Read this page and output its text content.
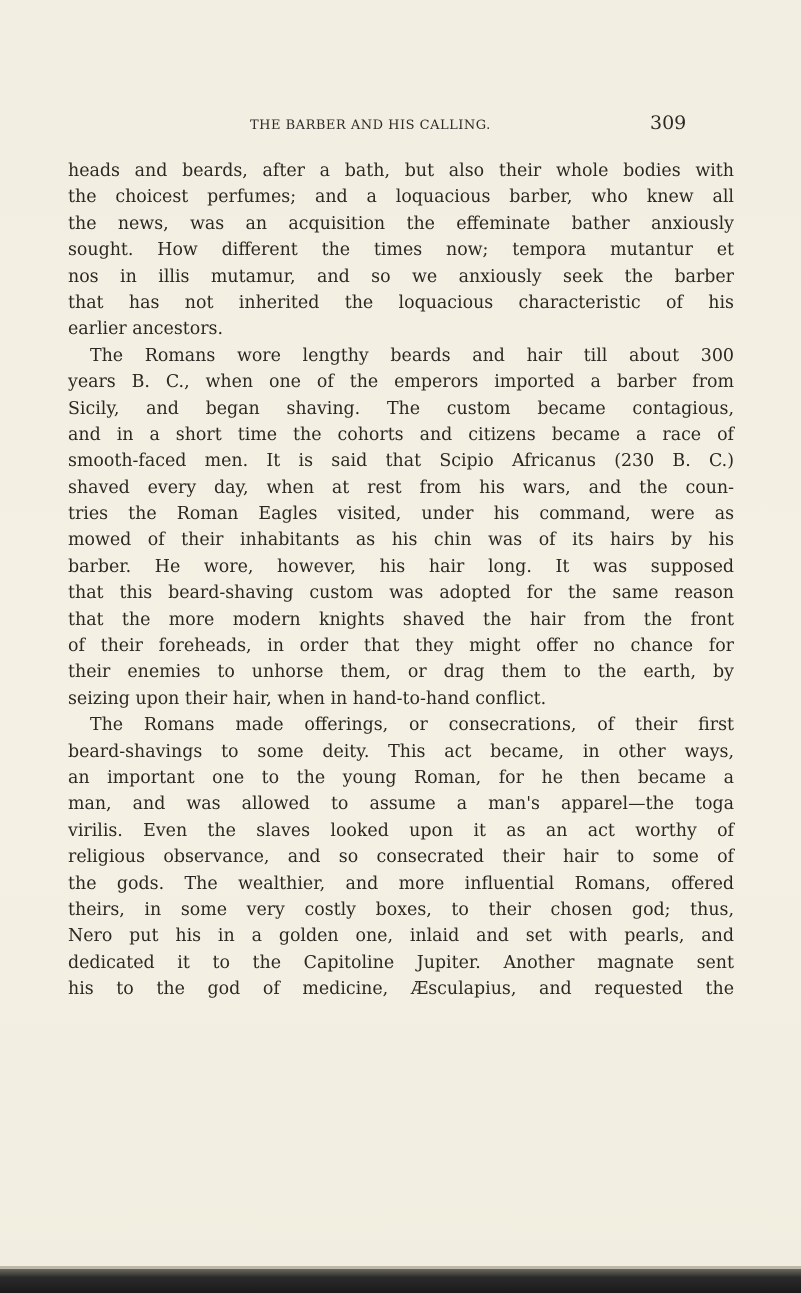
THE BARBER AND HIS CALLING.	309
heads and beards, after a bath, but also their whole bodies with
the choicest perfumes; and a loquacious barber, who knew all
the news, was an acquisition the effeminate bather anxiously
sought. How different the times now; tempora mutantur et
nos in illis mutamur, and so we anxiously seek the barber
that has not inherited the loquacious characteristic of his
earlier ancestors.
The Romans wore lengthy beards and hair till about 300
years B. C., when one of the emperors imported a barber from
Sicily, and began shaving. The custom became contagious,
and in a short time the cohorts and citizens became a race of
smooth-faced men. It is said that Scipio Africanus (230 B. C.)
shaved every day, when at rest from his wars, and the coun-
tries the Roman Eagles visited, under his command, were as
mowed of their inhabitants as his chin was of its hairs by his
barber. He wore, however, his hair long. It was supposed
that this beard-shaving custom was adopted for the same reason
that the more modern knights shaved the hair from the front
of their foreheads, in order that they might offer no chance for
their enemies to unhorse them, or drag them to the earth, by
seizing upon their hair, when in hand-to-hand conflict.
The Romans made offerings, or consecrations, of their first
beard-shavings to some deity. This act became, in other ways,
an important one to the young Roman, for he then became a
man, and was allowed to assume a man's apparel—the toga
virilis. Even the slaves looked upon it as an act worthy of
religious observance, and so consecrated their hair to some of
the gods. The wealthier, and more influential Romans, offered
theirs, in some very costly boxes, to their chosen god; thus,
Nero put his in a golden one, inlaid and set with pearls, and
dedicated it to the Capitoline Jupiter. Another magnate sent
his to the god of medicine, Æsculapius, and requested the
